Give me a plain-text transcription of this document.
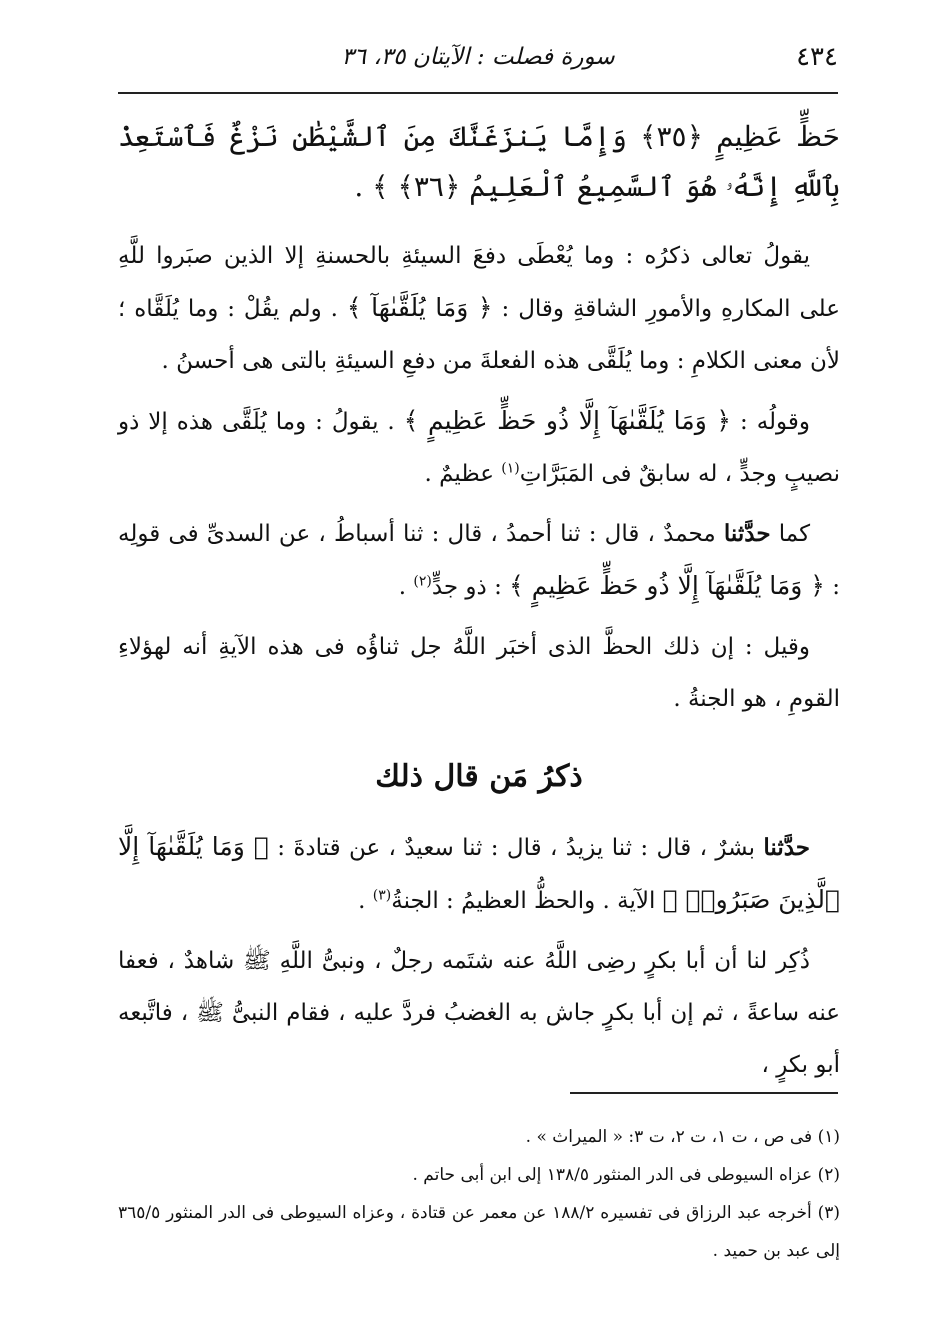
٤٣٤
سورة فصلت : الآيتان ٣٥، ٣٦

حَظٍّ عَظِيمٍ ﴿٣٥﴾ وَإِمَّا يَنزَغَنَّكَ مِنَ ٱلشَّيْطَٰنِ نَزْغٌ فَٱسْتَعِذْ بِٱللَّهِ إِنَّهُۥ هُوَ ٱلسَّمِيعُ ٱلْعَلِيمُ ﴿٣٦﴾ ﴾ .

يقولُ تعالى ذكرُه : وما يُعْطَى دفعَ السيئةِ بالحسنةِ إلا الذين صبَروا للَّهِ على المكارهِ والأمورِ الشاقةِ وقال : ﴿ وَمَا يُلَقَّىٰهَآ ﴾ . ولم يقُلْ : وما يُلَقَّاه ؛ لأن معنى الكلامِ : وما يُلَقَّى هذه الفعلةَ من دفعِ السيئةِ بالتى هى أحسنُ .

وقولُه : ﴿ وَمَا يُلَقَّىٰهَآ إِلَّا ذُو حَظٍّ عَظِيمٍ ﴾ . يقولُ : وما يُلَقَّى هذه إلا ذو نصيبٍ وجدٍّ ، له سابقٌ فى المَبَرَّاتِ$^{(١)}$ عظيمٌ .

كما حدَّثنا محمدٌ ، قال : ثنا أحمدُ ، قال : ثنا أسباطُ ، عن السدىِّ فى قولِه : ﴿ وَمَا يُلَقَّىٰهَآ إِلَّا ذُو حَظٍّ عَظِيمٍ ﴾ : ذو جدٍّ$^{(٢)}$ .

وقيل : إن ذلك الحظَّ الذى أخبَر اللَّهُ جل ثناؤُه فى هذه الآيةِ أنه لهؤلاءِ القومِ ، هو الجنةُ .

ذكرُ مَن قال ذلك

حدَّثنا بشرٌ ، قال : ثنا يزيدُ ، قال : ثنا سعيدٌ ، عن قتادةَ : ﴿ وَمَا يُلَقَّىٰهَآ إِلَّا ٱلَّذِينَ صَبَرُوا۟ ﴾ الآية . والحظُّ العظيمُ : الجنةُ$^{(٣)}$ .

ذُكِر لنا أن أبا بكرٍ رضِى اللَّهُ عنه شتَمه رجلٌ ، ونبىُّ اللَّهِ ﷺ شاهدٌ ، فعفا عنه ساعةً ، ثم إن أبا بكرٍ جاش به الغضبُ فردَّ عليه ، فقام النبىُّ ﷺ ، فاتَّبعه أبو بكرٍ ،

(١) فى ص ، ت ١، ت ٢، ت ٣: « الميراث » .

(٢) عزاه السيوطى فى الدر المنثور ١٣٨/٥ إلى ابن أبى حاتم .

(٣) أخرجه عبد الرزاق فى تفسيره ١٨٨/٢ عن معمر عن قتادة ، وعزاه السيوطى فى الدر المنثور ٣٦٥/٥ إلى عبد بن حميد .
